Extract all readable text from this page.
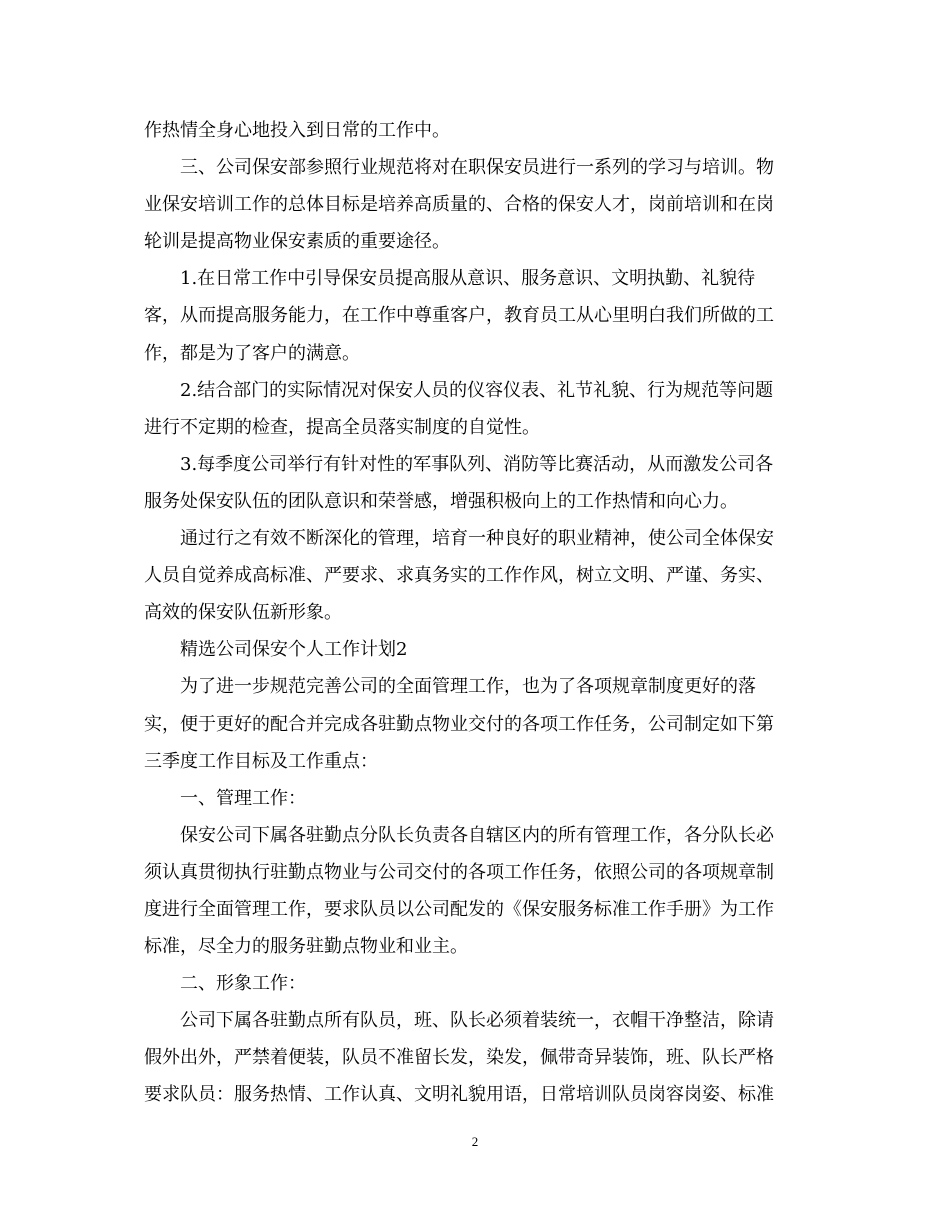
作热情全身心地投入到日常的工作中。
三、公司保安部参照行业规范将对在职保安员进行一系列的学习与培训。物
业保安培训工作的总体目标是培养高质量的、合格的保安人才，岗前培训和在岗
轮训是提高物业保安素质的重要途径。
1.在日常工作中引导保安员提高服从意识、服务意识、文明执勤、礼貌待
客，从而提高服务能力，在工作中尊重客户，教育员工从心里明白我们所做的工
作，都是为了客户的满意。
2.结合部门的实际情况对保安人员的仪容仪表、礼节礼貌、行为规范等问题
进行不定期的检查，提高全员落实制度的自觉性。
3.每季度公司举行有针对性的军事队列、消防等比赛活动，从而激发公司各
服务处保安队伍的团队意识和荣誉感，增强积极向上的工作热情和向心力。
通过行之有效不断深化的管理，培育一种良好的职业精神，使公司全体保安
人员自觉养成高标准、严要求、求真务实的工作作风，树立文明、严谨、务实、
高效的保安队伍新形象。
精选公司保安个人工作计划2
为了进一步规范完善公司的全面管理工作，也为了各项规章制度更好的落
实，便于更好的配合并完成各驻勤点物业交付的各项工作任务，公司制定如下第
三季度工作目标及工作重点：
一、管理工作：
保安公司下属各驻勤点分队长负责各自辖区内的所有管理工作，各分队长必
须认真贯彻执行驻勤点物业与公司交付的各项工作任务，依照公司的各项规章制
度进行全面管理工作，要求队员以公司配发的《保安服务标准工作手册》为工作
标准，尽全力的服务驻勤点物业和业主。
二、形象工作：
公司下属各驻勤点所有队员，班、队长必须着装统一，衣帽干净整洁，除请
假外出外，严禁着便装，队员不准留长发，染发，佩带奇异装饰，班、队长严格
要求队员：服务热情、工作认真、文明礼貌用语，日常培训队员岗容岗姿、标准
2
